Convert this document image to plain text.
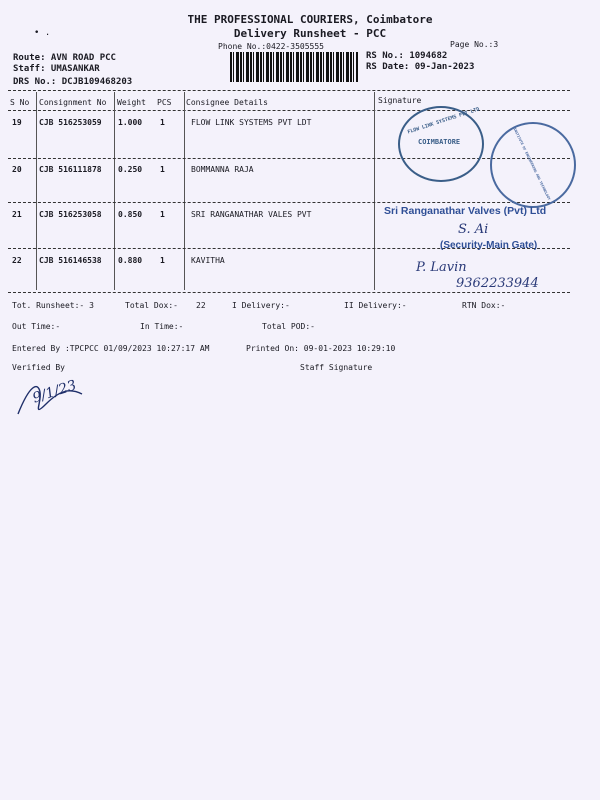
• .
THE PROFESSIONAL COURIERS, Coimbatore
Delivery Runsheet - PCC
Phone No.:0422-3505555	Page No.:3
Route: AVN ROAD PCC
Staff: UMASANKAR
DRS No.: DCJB109468203
RS No.: 1094682
RS Date: 09-Jan-2023
S No Consignment No Weight PCS Consignee Details	Signature
19 CJB 516253059 1.000 1	FLOW LINK SYSTEMS PVT LDT
20 CJB 516111878 0.250 1	BOMMANNA RAJA
21 CJB 516253058 0.850 1	SRI RANGANATHAR VALES PVT
22 CJB 516146538 0.880 1	KAVITHA
FLOW LINK SYSTEMS PVT LTD
COIMBATORE	INSTITUTE OF ENGINEERING AND TECHNOLOGY
Sri Ranganathar Valves (Pvt) Ltd
S. Ai
(Security-Main Gate)
P. Lavin
9362233944
Tot. Runsheet:- 3	Total Dox:- 22	I Delivery:-	II Delivery:-	RTN Dox:-
Out Time:-	In Time:-	Total POD:-
Entered By :TPCPCC 01/09/2023 10:27:17 AM	Printed On: 09-01-2023 10:29:10
Verified By	Staff Signature
9/1/23
